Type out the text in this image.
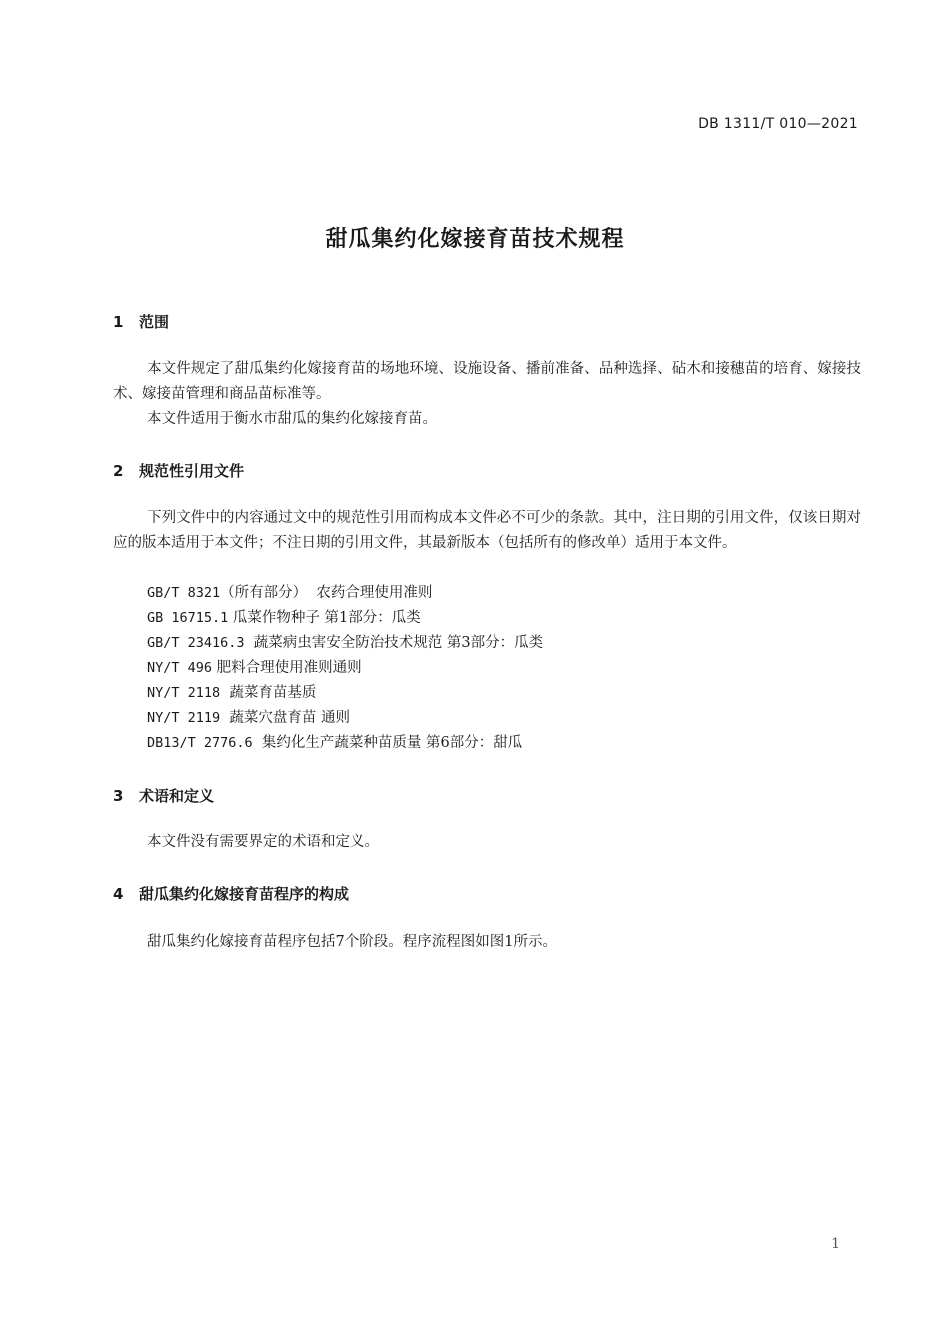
DB 1311/T 010—2021
甜瓜集约化嫁接育苗技术规程
1 范围
本文件规定了甜瓜集约化嫁接育苗的场地环境、设施设备、播前准备、品种选择、砧木和接穗苗的培育、嫁接技术、嫁接苗管理和商品苗标准等。
本文件适用于衡水市甜瓜的集约化嫁接育苗。
2 规范性引用文件
下列文件中的内容通过文中的规范性引用而构成本文件必不可少的条款。其中，注日期的引用文件，仅该日期对应的版本适用于本文件；不注日期的引用文件，其最新版本（包括所有的修改单）适用于本文件。
GB/T 8321（所有部分）  农药合理使用准则
GB 16715.1 瓜菜作物种子 第1部分：瓜类
GB/T 23416.3  蔬菜病虫害安全防治技术规范 第3部分：瓜类
NY/T 496 肥料合理使用准则通则
NY/T 2118  蔬菜育苗基质
NY/T 2119  蔬菜穴盘育苗 通则
DB13/T 2776.6  集约化生产蔬菜种苗质量 第6部分：甜瓜
3 术语和定义
本文件没有需要界定的术语和定义。
4 甜瓜集约化嫁接育苗程序的构成
甜瓜集约化嫁接育苗程序包括7个阶段。程序流程图如图1所示。
1
